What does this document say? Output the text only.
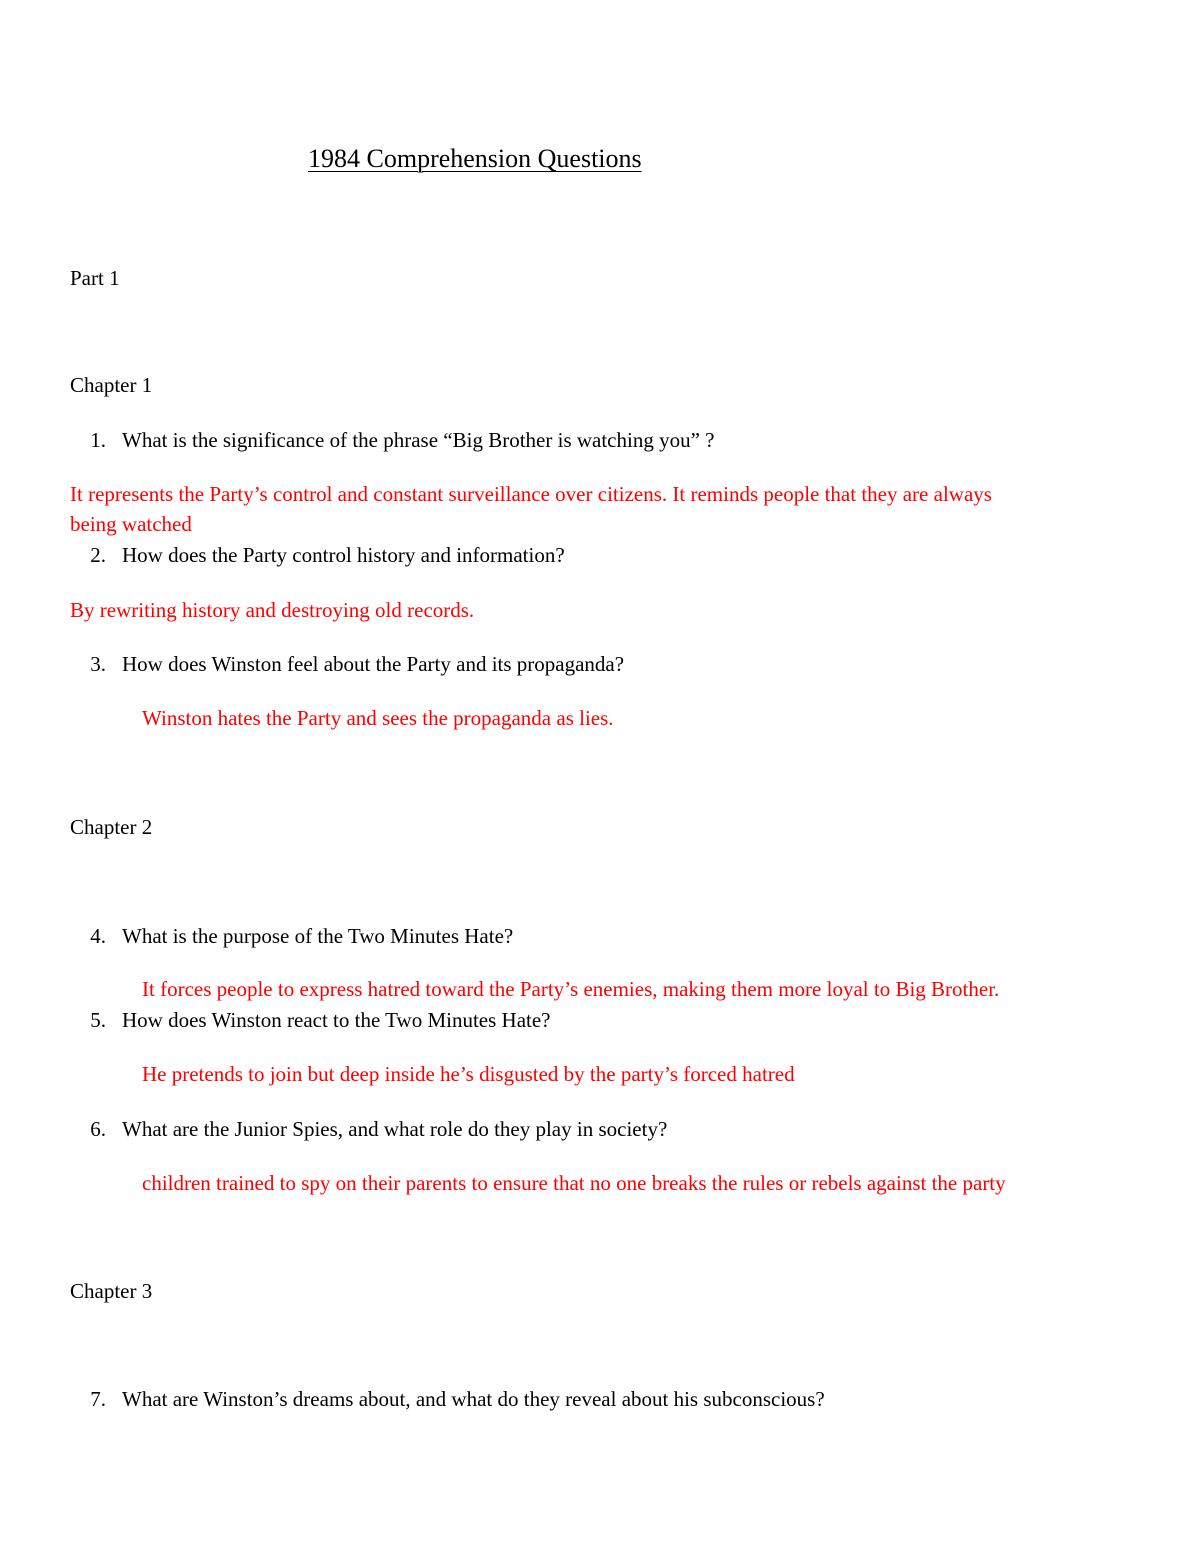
1984 Comprehension Questions
Part 1
Chapter 1
1. What is the significance of the phrase “Big Brother is watching you” ?
It represents the Party’s control and constant surveillance over citizens. It reminds people that they are always
being watched
2. How does the Party control history and information?
By rewriting history and destroying old records.
3. How does Winston feel about the Party and its propaganda?
Winston hates the Party and sees the propaganda as lies.
Chapter 2
4. What is the purpose of the Two Minutes Hate?
It forces people to express hatred toward the Party’s enemies, making them more loyal to Big Brother.
5. How does Winston react to the Two Minutes Hate?
He pretends to join but deep inside he’s disgusted by the party’s forced hatred
6. What are the Junior Spies, and what role do they play in society?
children trained to spy on their parents to ensure that no one breaks the rules or rebels against the party
Chapter 3
7. What are Winston’s dreams about, and what do they reveal about his subconscious?
